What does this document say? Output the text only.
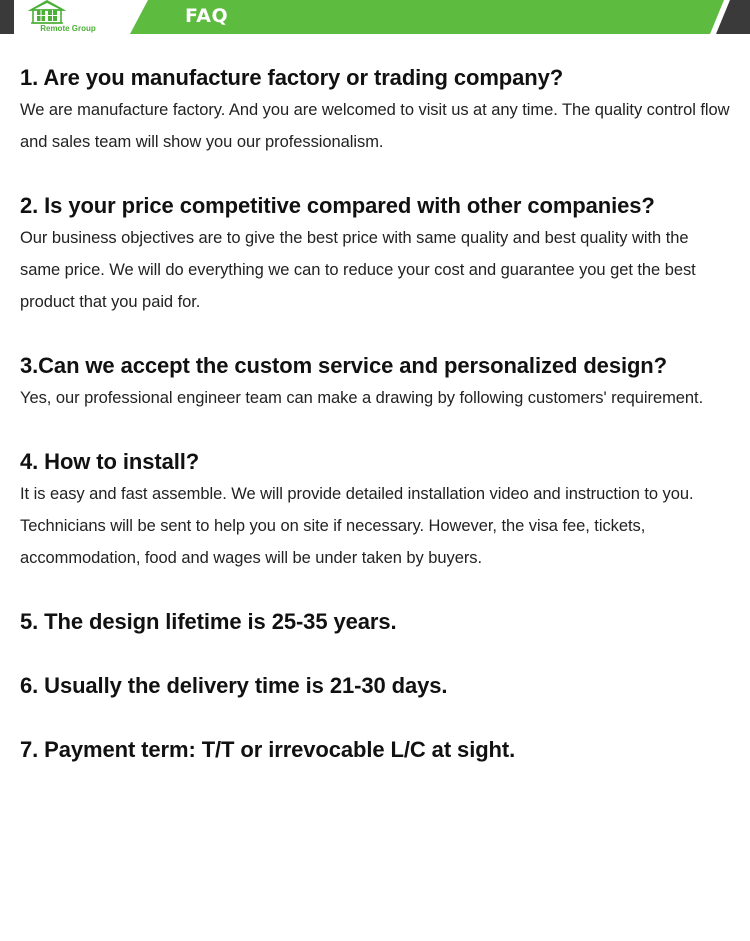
Remote Group
FAQ

1. Are you manufacture factory or trading company?

We are manufacture factory. And you are welcomed to visit us at any time. The quality control flow and sales team will show you our professionalism.

2. Is your price competitive compared with other companies?

Our business objectives are to give the best price with same quality and best quality with the same price. We will do everything we can to reduce your cost and guarantee you get the best product that you paid for.

3.Can we accept the custom service and personalized design?

Yes, our professional engineer team can make a drawing by following customers' requirement.

4. How to install?

It is easy and fast assemble. We will provide detailed installation video and instruction to you. Technicians will be sent to help you on site if necessary. However, the visa fee, tickets, accommodation, food and wages will be under taken by buyers.

5. The design lifetime is 25-35 years.

6. Usually the delivery time is 21-30 days.

7. Payment term: T/T or irrevocable L/C at sight.
